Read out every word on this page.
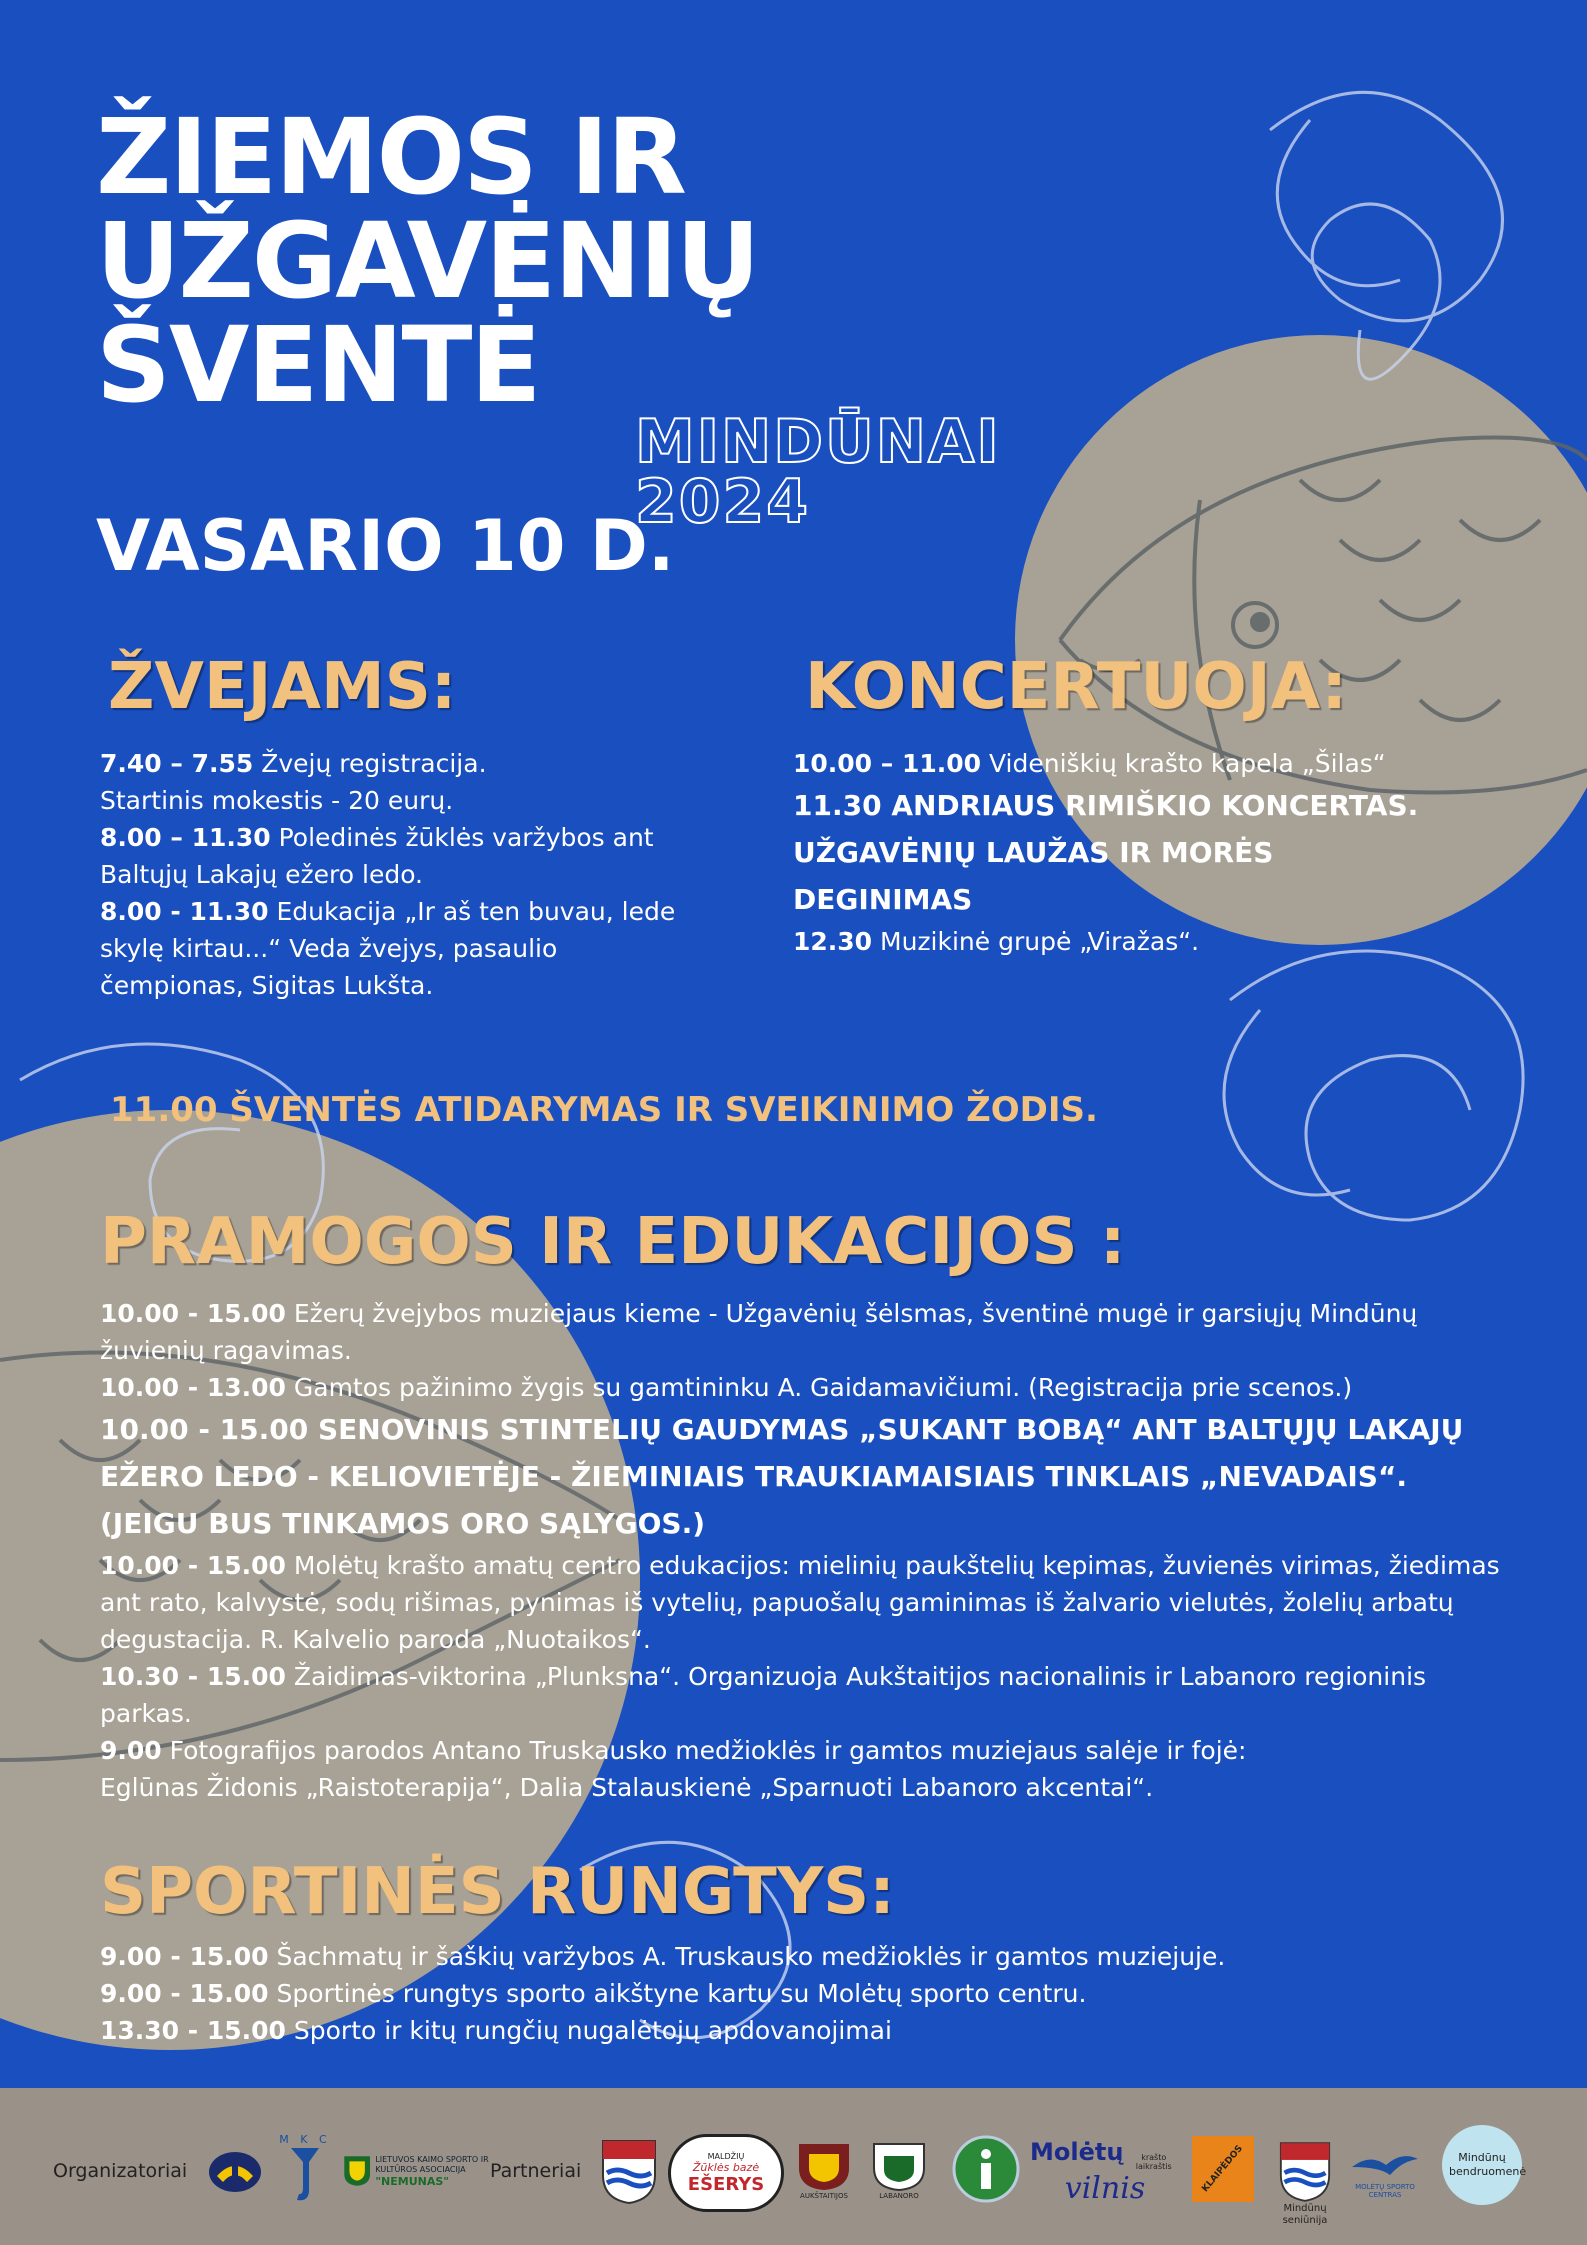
ŽIEMOS IR
UŽGAVĖNIŲ
ŠVENTĖ
VASARIO 10 D.
MINDŪNAI
2024
ŽVEJAMS:

7.40 – 7.55 Žvejų registracija.

Startinis mokestis - 20 eurų.

8.00 – 11.30 Poledinės žūklės varžybos ant Baltųjų Lakajų ežero ledo.

8.00 - 11.30 Edukacija „Ir aš ten buvau, lede skylę kirtau...“ Veda žvejys, pasaulio čempionas, Sigitas Lukšta.

KONCERTUOJA:

10.00 – 11.00 Videniškių krašto kapela „Šilas“

11.30 ANDRIAUS RIMIŠKIO KONCERTAS.

UŽGAVĖNIŲ LAUŽAS IR MORĖS DEGINIMAS

12.30 Muzikinė grupė „Viražas“.

11.00 ŠVENTĖS ATIDARYMAS IR SVEIKINIMO ŽODIS.
PRAMOGOS IR EDUKACIJOS :

10.00 - 15.00 Ežerų žvejybos muziejaus kieme - Užgavėnių šėlsmas, šventinė mugė ir garsiųjų Mindūnų žuvienių ragavimas.

10.00 - 13.00 Gamtos pažinimo žygis su gamtininku A. Gaidamavičiumi. (Registracija prie scenos.)

10.00 - 15.00 SENOVINIS STINTELIŲ GAUDYMAS „SUKANT BOBĄ“ ANT BALTŲJŲ LAKAJŲ EŽERO LEDO - KELIOVIETĖJE - ŽIEMINIAIS TRAUKIAMAISIAIS TINKLAIS „NEVADAIS“. (JEIGU BUS TINKAMOS ORO SĄLYGOS.)

10.00 - 15.00 Molėtų krašto amatų centro edukacijos: mielinių paukštelių kepimas, žuvienės virimas, žiedimas ant rato, kalvystė, sodų rišimas, pynimas iš vytelių, papuošalų gaminimas iš žalvario vielutės, žolelių arbatų degustacija. R. Kalvelio paroda „Nuotaikos“.

10.30 - 15.00 Žaidimas-viktorina „Plunksna“. Organizuoja Aukštaitijos nacionalinis ir Labanoro regioninis parkas.

9.00 Fotografijos parodos Antano Truskausko medžioklės ir gamtos muziejaus salėje ir fojė:

Eglūnas Židonis „Raistoterapija“, Dalia Stalauskienė „Sparnuoti Labanoro akcentai“.

SPORTINĖS RUNGTYS:

9.00 - 15.00 Šachmatų ir šaškių varžybos A. Truskausko medžioklės ir gamtos muziejuje.

9.00 - 15.00 Sportinės rungtys sporto aikštyne kartu su Molėtų sporto centru.

13.30 - 15.00 Sporto ir kitų rungčių nugalėtojų apdovanojimai

Organizatoriai
M K C
LIETUVOS KAIMO SPORTO IR KULTŪROS ASOCIACIJA
"NEMUNAS"	Partneriai
MALDŽIŲ
Žūklės bazė
EŠERYS
AUKŠTAITIJOS	LABANORO
Molėtų	krašto laikraštis
vilnis	KLAIPĖDOS
Mindūnų seniūnija
MOLĖTŲ SPORTO CENTRAS
Mindūnų bendruomenė
